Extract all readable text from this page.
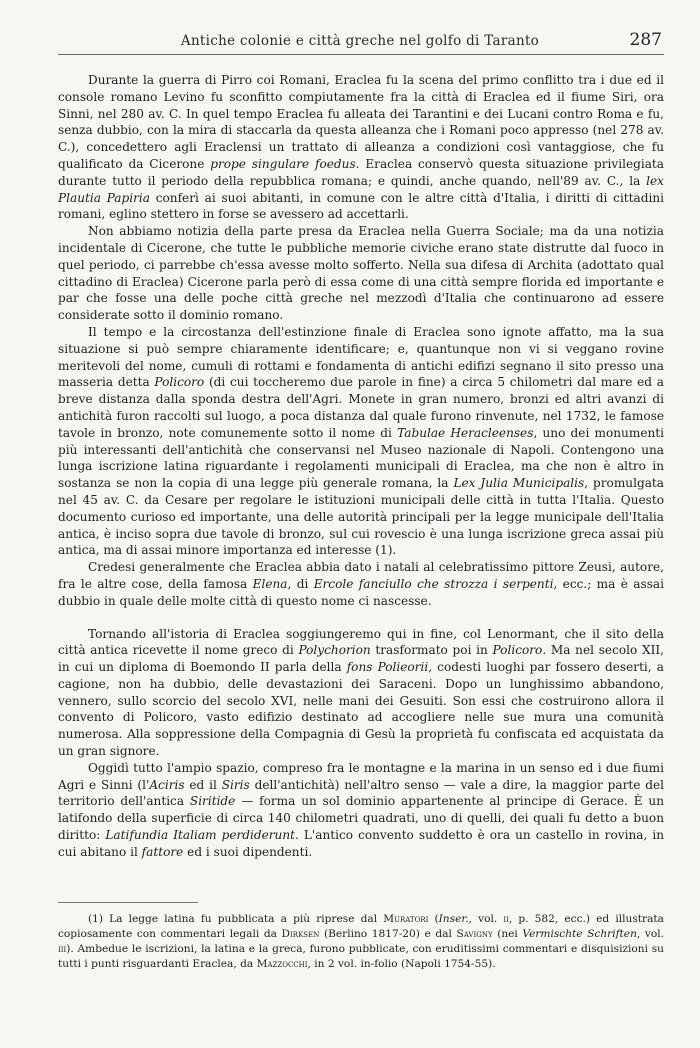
Antiche colonie e città greche nel golfo di Taranto	287

Durante la guerra di Pirro coi Romani, Eraclea fu la scena del primo conflitto tra i due ed il console romano Levino fu sconfitto compiutamente fra la città di Eraclea ed il fiume Siri, ora Sinni, nel 280 av. C. In quel tempo Eraclea fu alleata dei Tarantini e dei Lucani contro Roma e fu, senza dubbio, con la mira di staccarla da questa alleanza che i Romani poco appresso (nel 278 av. C.), concedettero agli Eraclensi un trattato di alleanza a condizioni così vantaggiose, che fu qualificato da Cicerone prope singulare foedus. Eraclea conservò questa situazione privilegiata durante tutto il periodo della repubblica romana; e quindi, anche quando, nell'89 av. C., la lex Plautia Papiria conferì ai suoi abitanti, in comune con le altre città d'Italia, i diritti di cittadini romani, eglino stettero in forse se avessero ad accettarli.

Non abbiamo notizia della parte presa da Eraclea nella Guerra Sociale; ma da una notizia incidentale di Cicerone, che tutte le pubbliche memorie civiche erano state distrutte dal fuoco in quel periodo, ci parrebbe ch'essa avesse molto sofferto. Nella sua difesa di Archita (adottato qual cittadino di Eraclea) Cicerone parla però di essa come di una città sempre florida ed importante e par che fosse una delle poche città greche nel mezzodì d'Italia che continuarono ad essere considerate sotto il dominio romano.

Il tempo e la circostanza dell'estinzione finale di Eraclea sono ignote affatto, ma la sua situazione si può sempre chiaramente identificare; e, quantunque non vi si veggano rovine meritevoli del nome, cumuli di rottami e fondamenta di antichi edifizi segnano il sito presso una masseria detta Policoro (di cui toccheremo due parole in fine) a circa 5 chilometri dal mare ed a breve distanza dalla sponda destra dell'Agri. Monete in gran numero, bronzi ed altri avanzi di antichità furon raccolti sul luogo, a poca distanza dal quale furono rinvenute, nel 1732, le famose tavole in bronzo, note comunemente sotto il nome di Tabulae Heracleenses, uno dei monumenti più interessanti dell'antichità che conservansi nel Museo nazionale di Napoli. Contengono una lunga iscrizione latina riguardante i regolamenti municipali di Eraclea, ma che non è altro in sostanza se non la copia di una legge più generale romana, la Lex Julia Municipalis, promulgata nel 45 av. C. da Cesare per regolare le istituzioni municipali delle città in tutta l'Italia. Questo documento curioso ed importante, una delle autorità principali per la legge municipale dell'Italia antica, è inciso sopra due tavole di bronzo, sul cui rovescio è una lunga iscrizione greca assai più antica, ma di assai minore importanza ed interesse (1).

Credesi generalmente che Eraclea abbia dato i natali al celebratissimo pittore Zeusi, autore, fra le altre cose, della famosa Elena, di Ercole fanciullo che strozza i serpenti, ecc.; ma è assai dubbio in quale delle molte città di questo nome ci nascesse.

Tornando all'istoria di Eraclea soggiungeremo qui in fine, col Lenormant, che il sito della città antica ricevette il nome greco di Polychorion trasformato poi in Policoro. Ma nel secolo XII, in cui un diploma di Boemondo II parla della fons Polieorii, codesti luoghi par fossero deserti, a cagione, non ha dubbio, delle devastazioni dei Saraceni. Dopo un lunghissimo abbandono, vennero, sullo scorcio del secolo XVI, nelle mani dei Gesuiti. Son essi che costruirono allora il convento di Policoro, vasto edifizio destinato ad accogliere nelle sue mura una comunità numerosa. Alla soppressione della Compagnia di Gesù la proprietà fu confiscata ed acquistata da un gran signore.

Oggidì tutto l'ampio spazio, compreso fra le montagne e la marina in un senso ed i due fiumi Agri e Sinni (l'Aciris ed il Siris dell'antichità) nell'altro senso — vale a dire, la maggior parte del territorio dell'antica Siritide — forma un sol dominio appartenente al principe di Gerace. È un latifondo della superficie di circa 140 chilometri quadrati, uno di quelli, dei quali fu detto a buon diritto: Latifundia Italiam perdiderunt. L'antico convento suddetto è ora un castello in rovina, in cui abitano il fattore ed i suoi dipendenti.

(1) La legge latina fu pubblicata a più riprese dal Muratori (Inser., vol. ii, p. 582, ecc.) ed illustrata copiosamente con commentari legali da Dirksen (Berlino 1817-20) e dal Savigny (nei Vermischte Schriften, vol. iii). Ambedue le iscrizioni, la latina e la greca, furono pubblicate, con eruditissimi commentari e disquisizioni su tutti i punti risguardanti Eraclea, da Mazzocchi, in 2 vol. in-folio (Napoli 1754-55).
